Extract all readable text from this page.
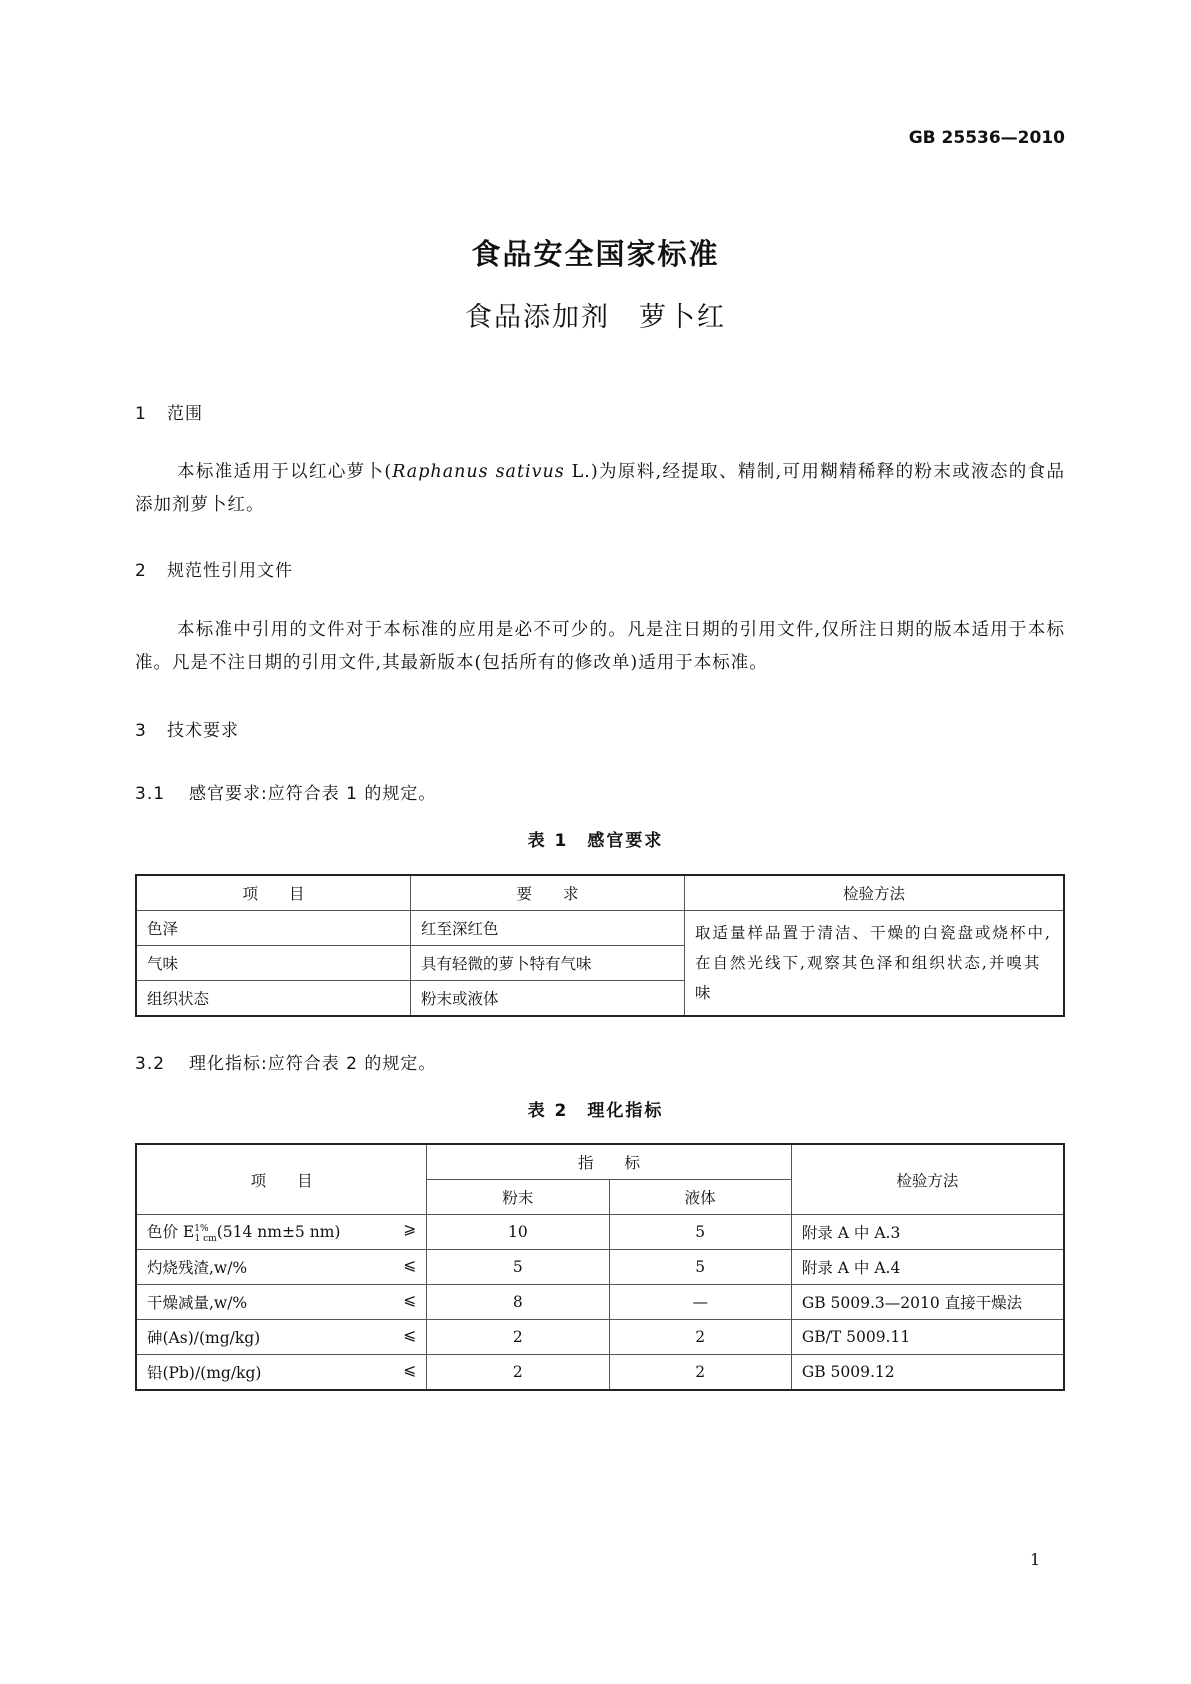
GB 25536—2010
食品安全国家标准
食品添加剂　萝卜红
1 范围
本标准适用于以红心萝卜(Raphanus sativus L.)为原料,经提取、精制,可用糊精稀释的粉末或液态的食品添加剂萝卜红。
2 规范性引用文件
本标准中引用的文件对于本标准的应用是必不可少的。凡是注日期的引用文件,仅所注日期的版本适用于本标准。凡是不注日期的引用文件,其最新版本(包括所有的修改单)适用于本标准。
3 技术要求
3.1 感官要求:应符合表 1 的规定。
表 1　感官要求
项　　目	要　　求	检验方法
色泽	红至深红色	取适量样品置于清洁、干燥的白瓷盘或烧杯中,在自然光线下,观察其色泽和组织状态,并嗅其味
气味	具有轻微的萝卜特有气味	
组织状态	粉末或液体	
3.2 理化指标:应符合表 2 的规定。
表 2　理化指标
项　　目	指　　标		检验方法
	粉末	液体	
色价 $E^{1\%}_{1 cm}(514$ nm±5 nm) ⩾	10	5	附录 A 中 A.3
灼烧残渣,w/% ⩽	5	5	附录 A 中 A.4
干燥减量,w/% ⩽	8	—	GB 5009.3—2010 直接干燥法
砷(As)/(mg/kg) ⩽	2	2	GB/T 5009.11
铅(Pb)/(mg/kg) ⩽	2	2	GB 5009.12
1
